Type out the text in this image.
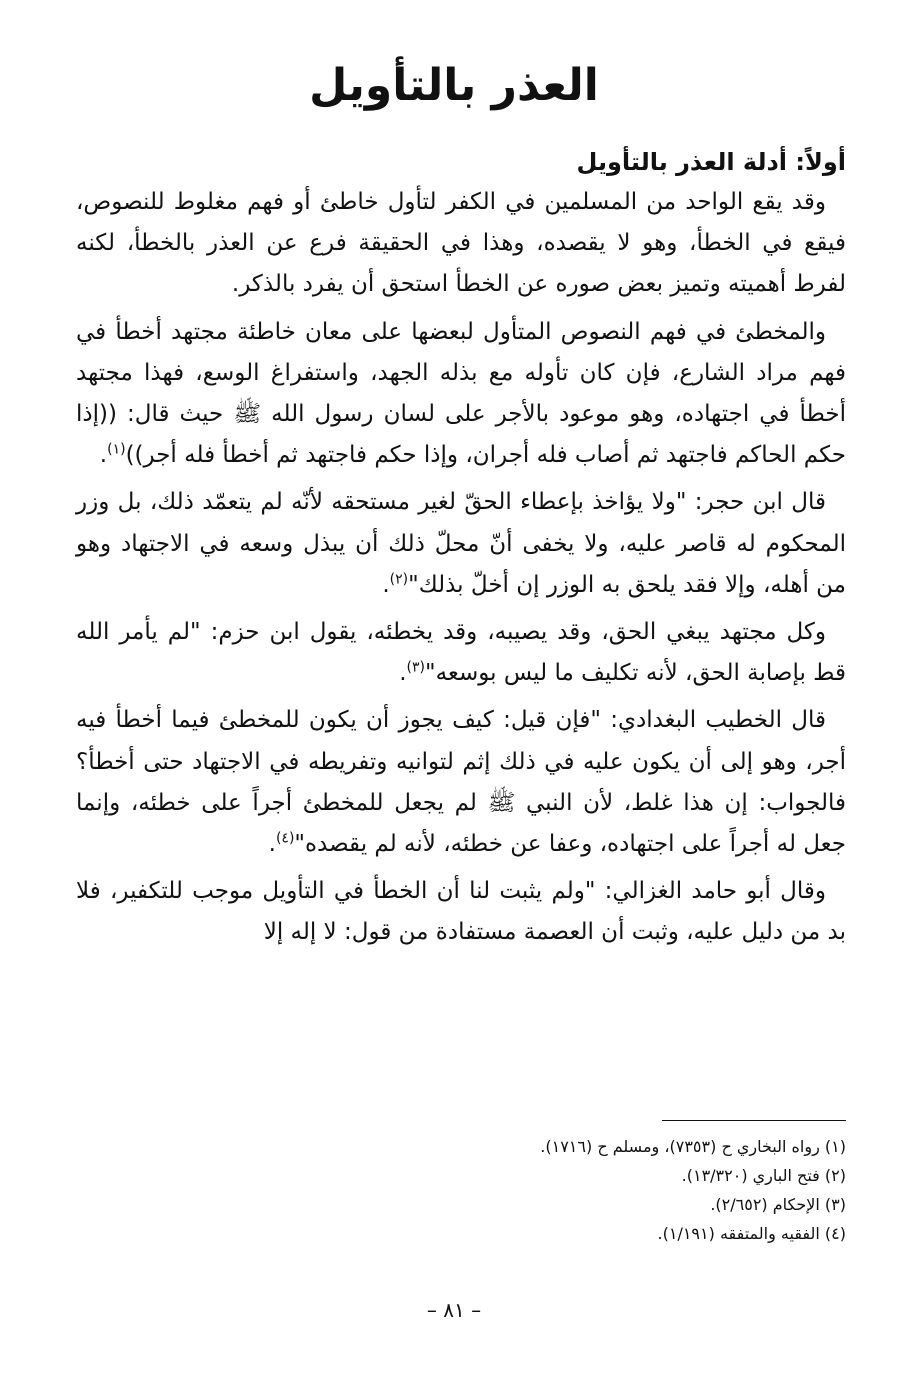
العذر بالتأويل

أولاً: أدلة العذر بالتأويل

وقد يقع الواحد من المسلمين في الكفر لتأول خاطئ أو فهم مغلوط للنصوص، فيقع في الخطأ، وهو لا يقصده، وهذا في الحقيقة فرع عن العذر بالخطأ، لكنه لفرط أهميته وتميز بعض صوره عن الخطأ استحق أن يفرد بالذكر.

والمخطئ في فهم النصوص المتأول لبعضها على معان خاطئة مجتهد أخطأ في فهم مراد الشارع، فإن كان تأوله مع بذله الجهد، واستفراغ الوسع، فهذا مجتهد أخطأ في اجتهاده، وهو موعود بالأجر على لسان رسول الله ﷺ حيث قال: ((إذا حكم الحاكم فاجتهد ثم أصاب فله أجران، وإذا حكم فاجتهد ثم أخطأ فله أجر))$^{(١)}$.

قال ابن حجر: "ولا يؤاخذ بإعطاء الحقّ لغير مستحقه لأنّه لم يتعمّد ذلك، بل وزر المحكوم له قاصر عليه، ولا يخفى أنّ محلّ ذلك أن يبذل وسعه في الاجتهاد وهو من أهله، وإلا فقد يلحق به الوزر إن أخلّ بذلك"$^{(٢)}$.

وكل مجتهد يبغي الحق، وقد يصيبه، وقد يخطئه، يقول ابن حزم: "لم يأمر الله قط بإصابة الحق، لأنه تكليف ما ليس بوسعه"$^{(٣)}$.

قال الخطيب البغدادي: "فإن قيل: كيف يجوز أن يكون للمخطئ فيما أخطأ فيه أجر، وهو إلى أن يكون عليه في ذلك إثم لتوانيه وتفريطه في الاجتهاد حتى أخطأ؟ فالجواب: إن هذا غلط، لأن النبي ﷺ لم يجعل للمخطئ أجراً على خطئه، وإنما جعل له أجراً على اجتهاده، وعفا عن خطئه، لأنه لم يقصده"$^{(٤)}$.

وقال أبو حامد الغزالي: "ولم يثبت لنا أن الخطأ في التأويل موجب للتكفير، فلا بد من دليل عليه، وثبت أن العصمة مستفادة من قول: لا إله إلا

(١) رواه البخاري ح (٧٣٥٣)، ومسلم ح (١٧١٦).

(٢) فتح الباري (١٣/٣٢٠).

(٣) الإحكام (٢/٦٥٢).

(٤) الفقيه والمتفقه (١/١٩١).

– ٨١ –
